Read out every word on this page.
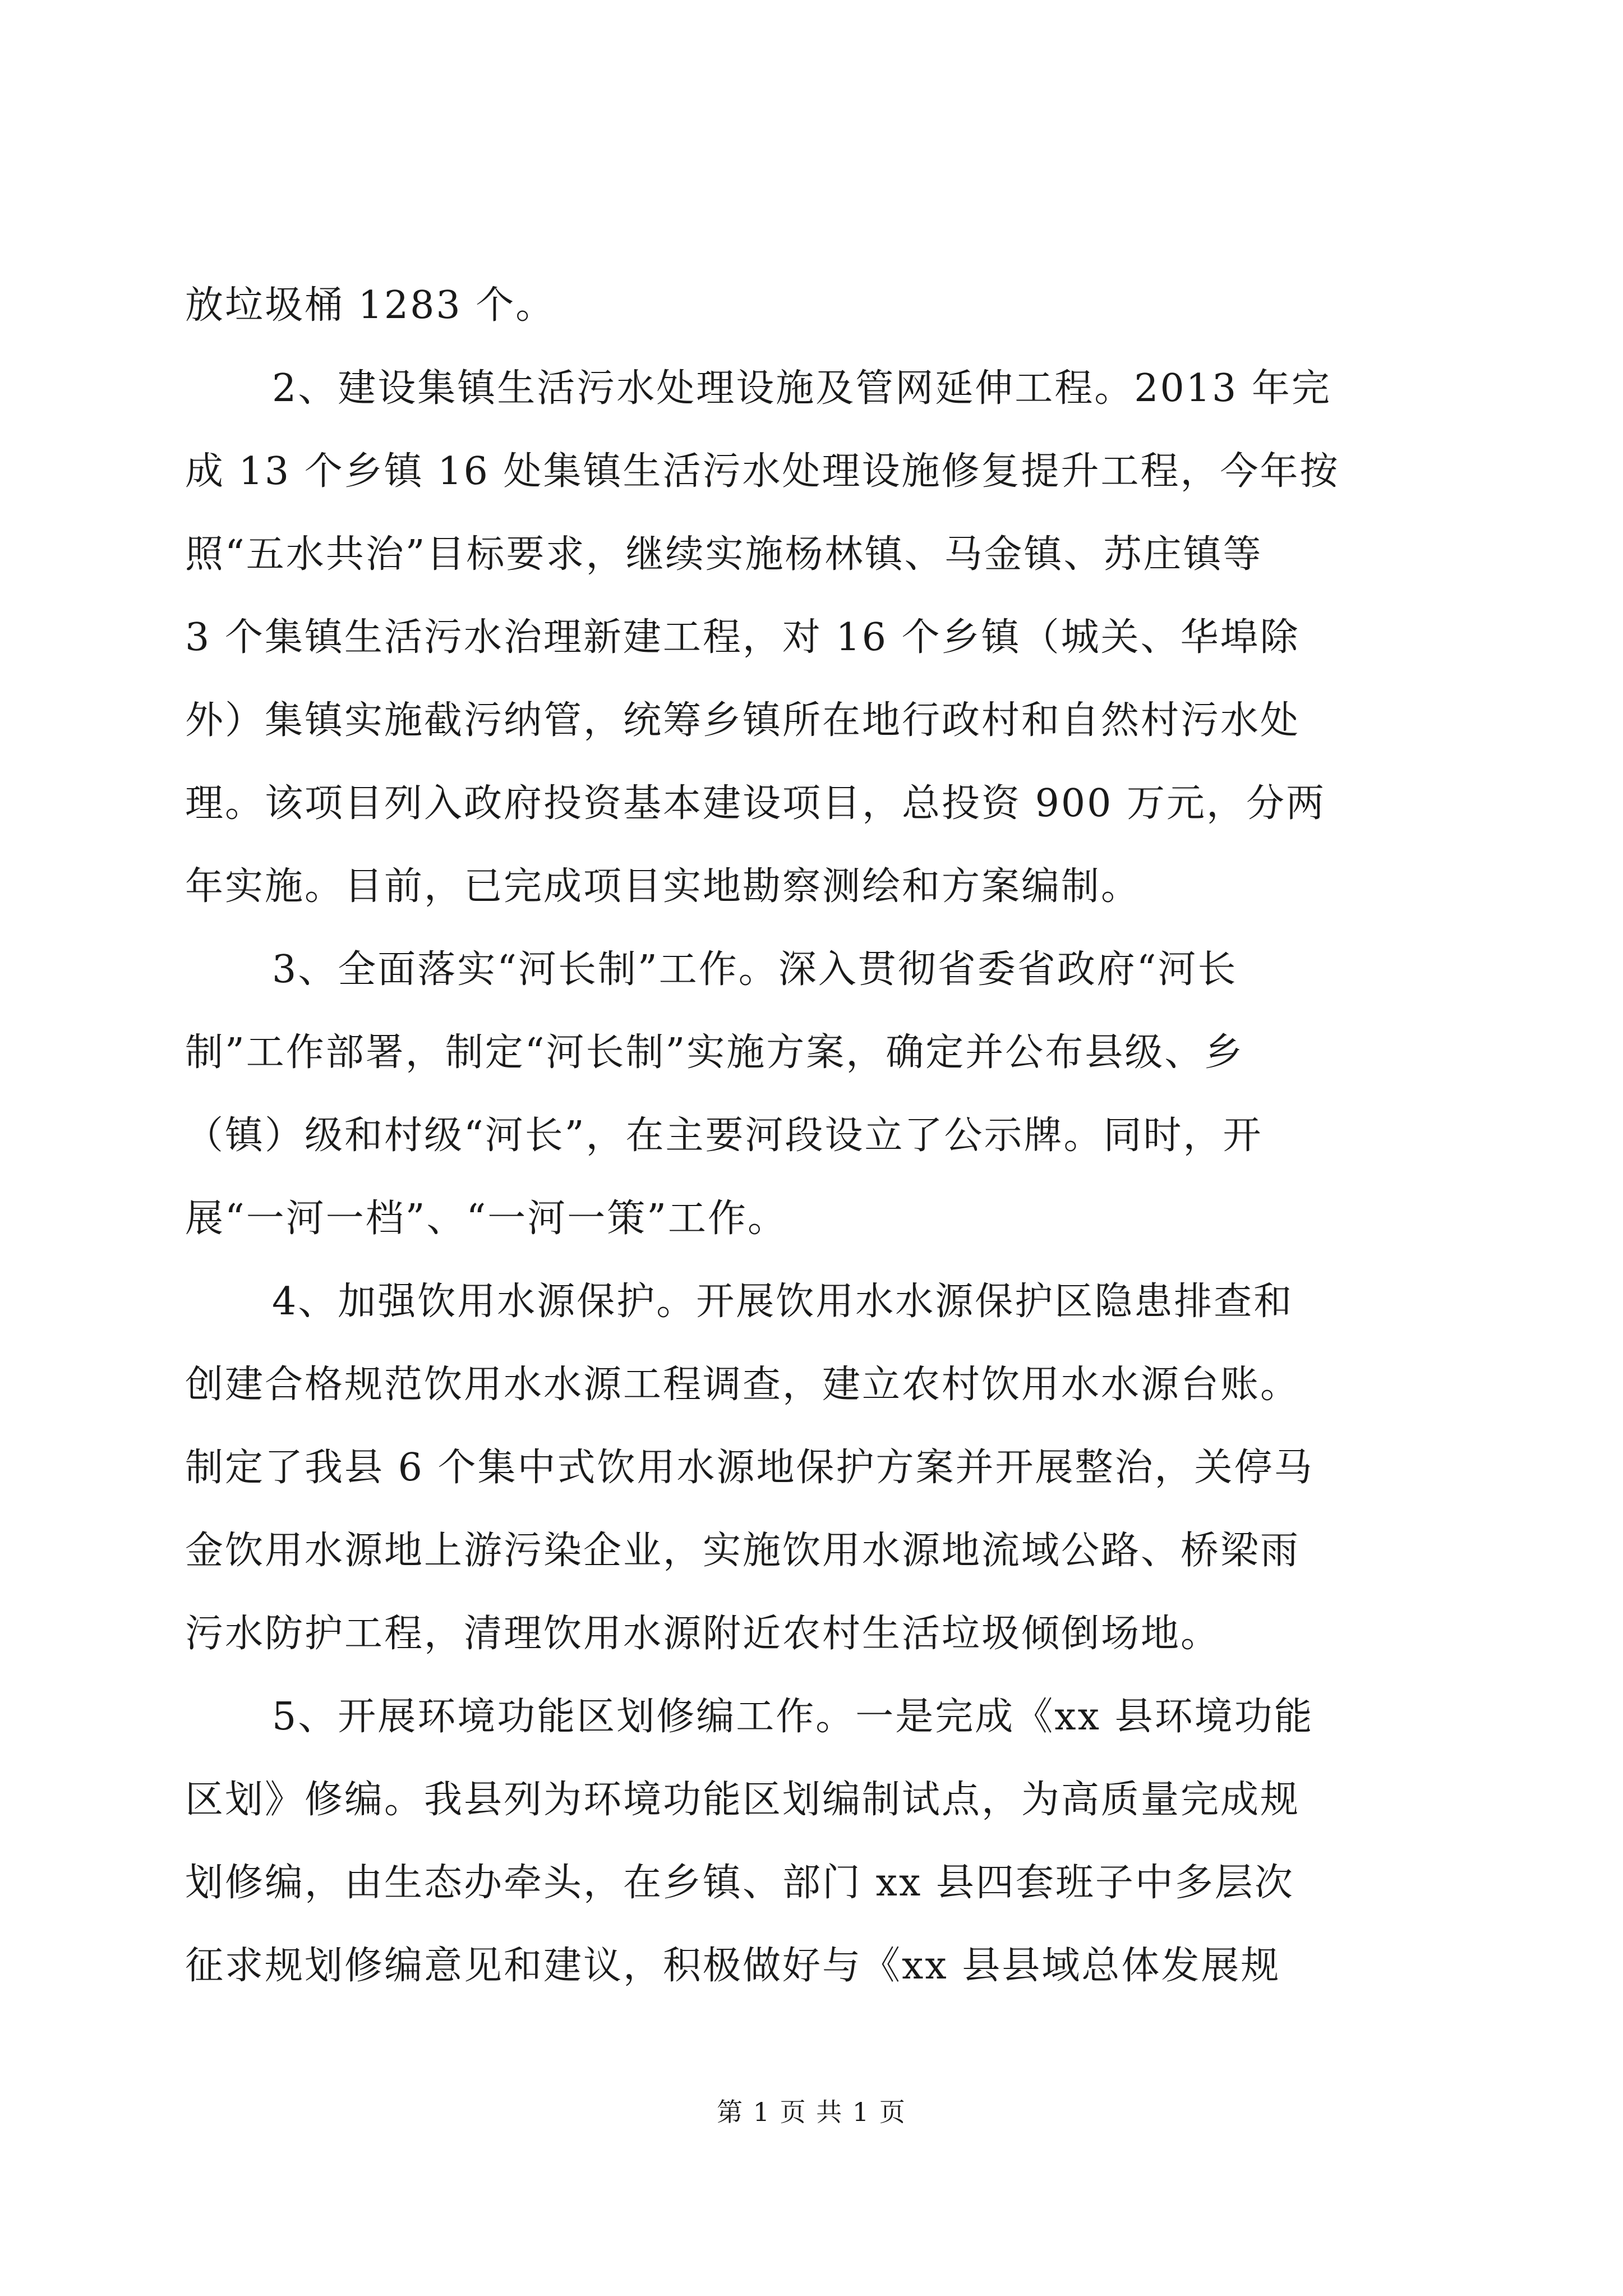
放垃圾桶 1283 个。
2、建设集镇生活污水处理设施及管网延伸工程。2013 年完
成 13 个乡镇 16 处集镇生活污水处理设施修复提升工程，今年按
照“五水共治”目标要求，继续实施杨林镇、马金镇、苏庄镇等
3 个集镇生活污水治理新建工程，对 16 个乡镇（城关、华埠除
外）集镇实施截污纳管，统筹乡镇所在地行政村和自然村污水处
理。该项目列入政府投资基本建设项目，总投资 900 万元，分两
年实施。目前，已完成项目实地勘察测绘和方案编制。
3、全面落实“河长制”工作。深入贯彻省委省政府“河长
制”工作部署，制定“河长制”实施方案，确定并公布县级、乡
（镇）级和村级“河长”，在主要河段设立了公示牌。同时，开
展“一河一档”、“一河一策”工作。
4、加强饮用水源保护。开展饮用水水源保护区隐患排查和
创建合格规范饮用水水源工程调查，建立农村饮用水水源台账。
制定了我县 6 个集中式饮用水源地保护方案并开展整治，关停马
金饮用水源地上游污染企业，实施饮用水源地流域公路、桥梁雨
污水防护工程，清理饮用水源附近农村生活垃圾倾倒场地。
5、开展环境功能区划修编工作。一是完成《xx 县环境功能
区划》修编。我县列为环境功能区划编制试点，为高质量完成规
划修编，由生态办牵头，在乡镇、部门 xx 县四套班子中多层次
征求规划修编意见和建议，积极做好与《xx 县县域总体发展规
第 1 页 共 1 页
